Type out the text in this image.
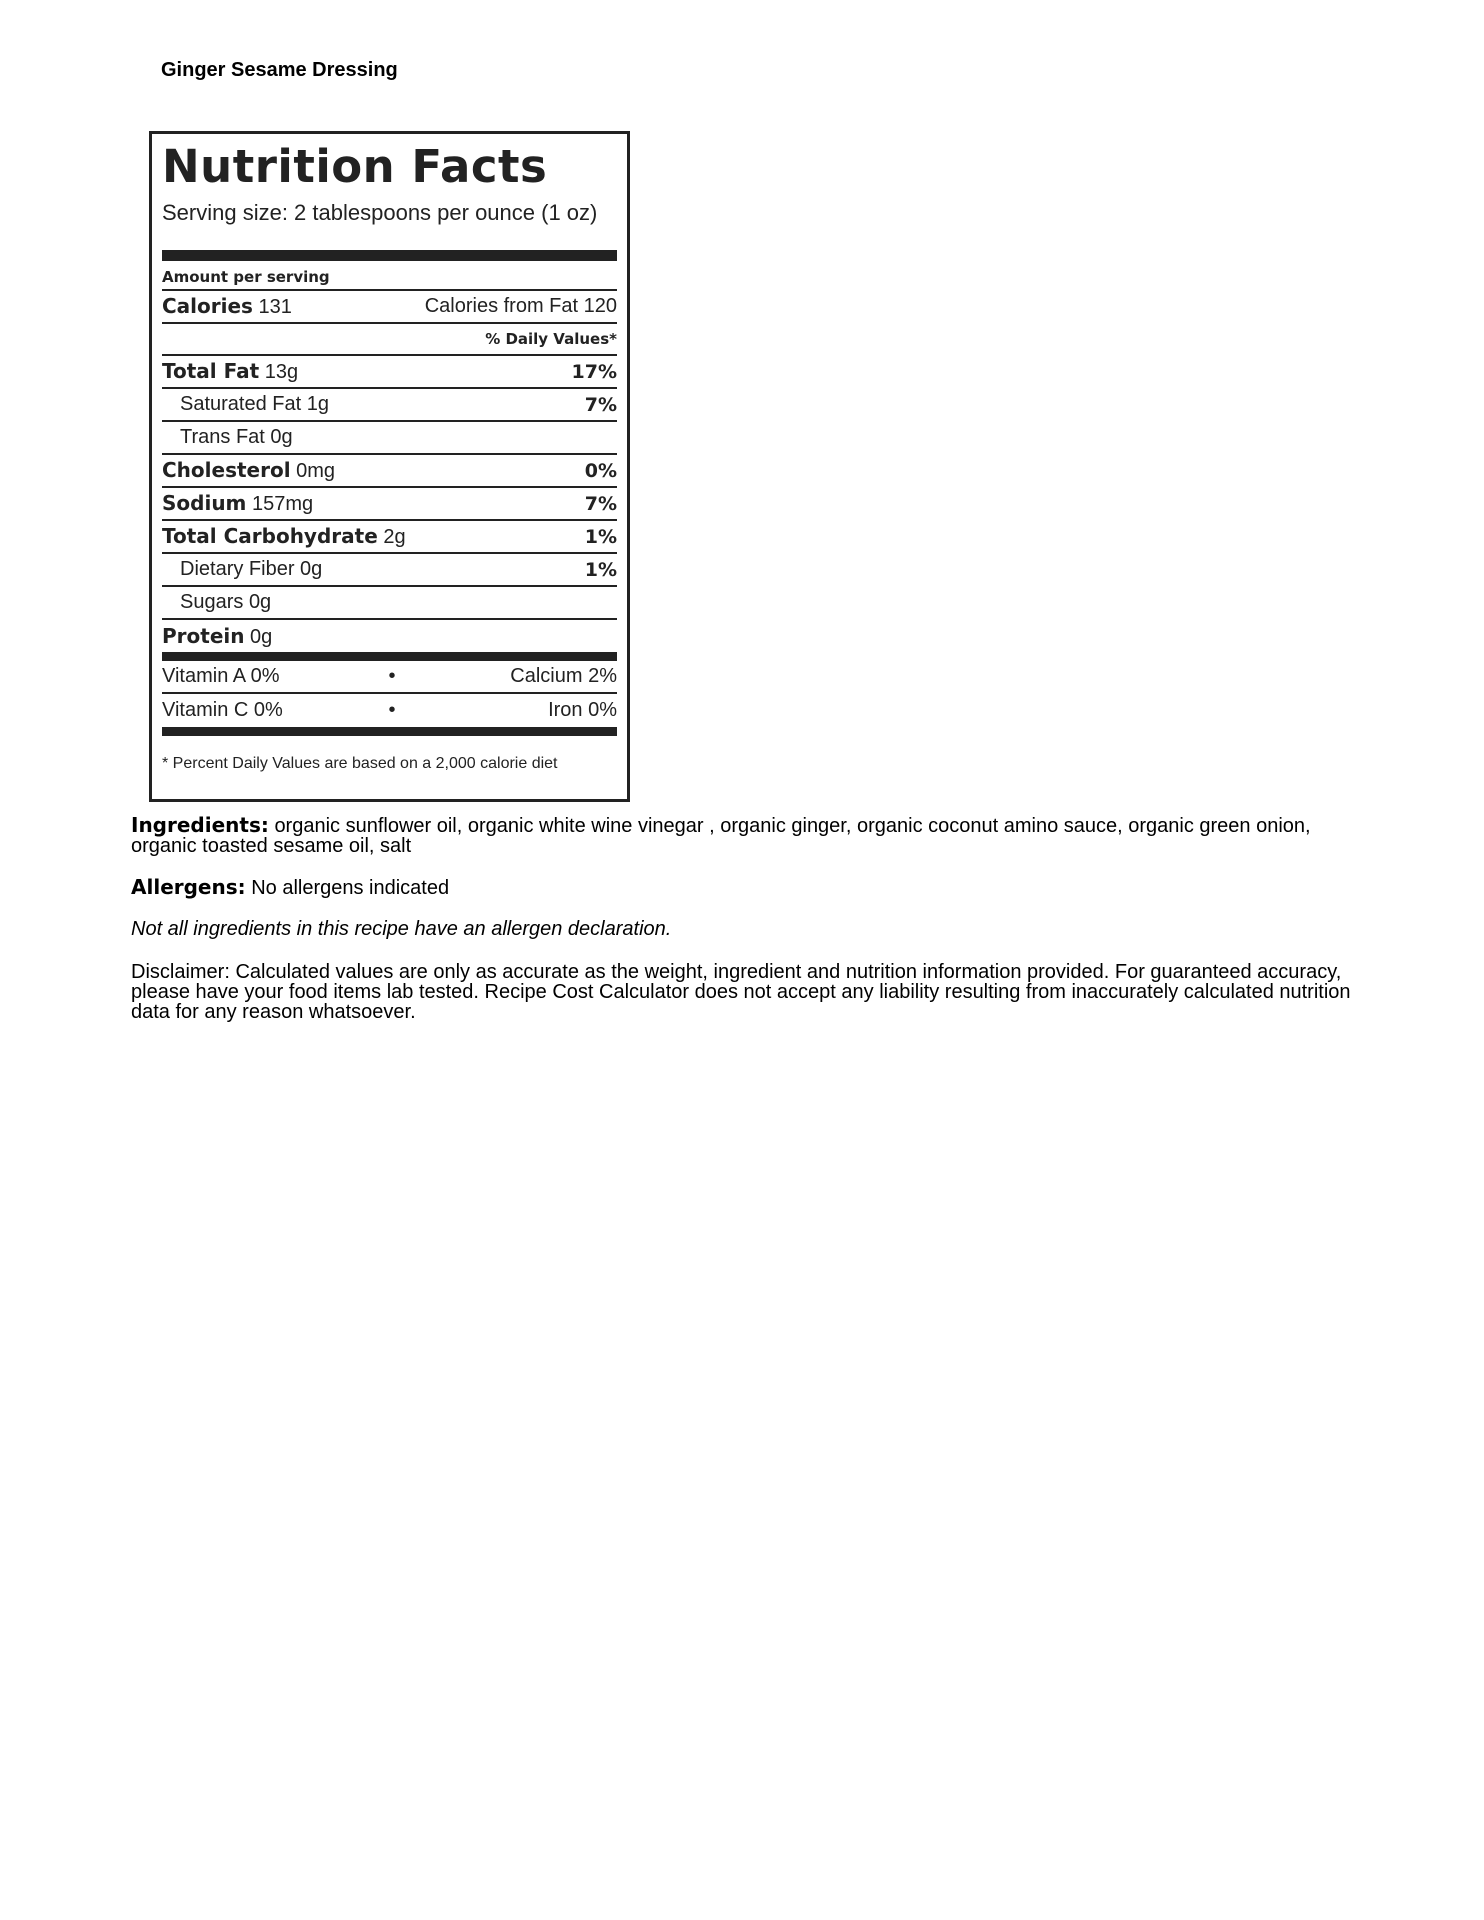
Ginger Sesame Dressing
Nutrition Facts
Serving size: 2 tablespoons per ounce (1 oz)
Amount per serving
Calories 131	Calories from Fat 120
% Daily Values*
Total Fat 13g	17%
Saturated Fat 1g	7%
Trans Fat 0g
Cholesterol 0mg	0%
Sodium 157mg	7%
Total Carbohydrate 2g	1%
Dietary Fiber 0g	1%
Sugars 0g
Protein 0g
Vitamin A 0%	•	Calcium 2%
Vitamin C 0%	•	Iron 0%
* Percent Daily Values are based on a 2,000 calorie diet
Ingredients: organic sunflower oil, organic white wine vinegar , organic ginger, organic coconut amino sauce, organic green onion, organic toasted sesame oil, salt
Allergens: No allergens indicated
Not all ingredients in this recipe have an allergen declaration.
Disclaimer: Calculated values are only as accurate as the weight, ingredient and nutrition information provided. For guaranteed accuracy, please have your food items lab tested. Recipe Cost Calculator does not accept any liability resulting from inaccurately calculated nutrition data for any reason whatsoever.
